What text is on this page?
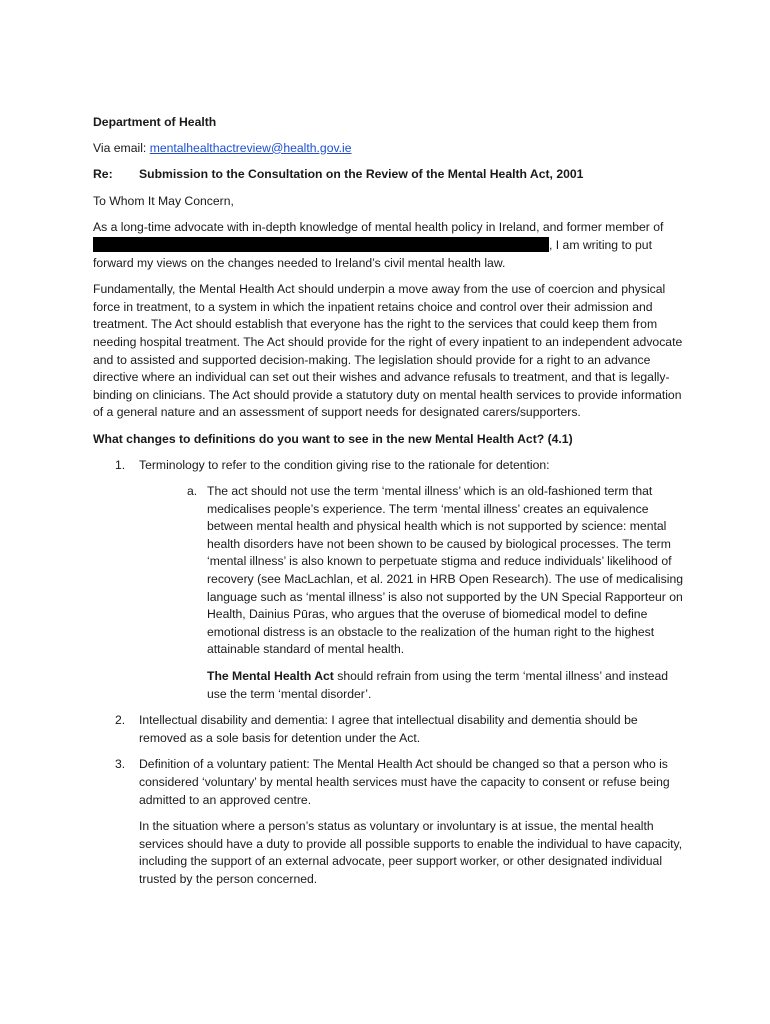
Department of Health

Via email: mentalhealthactreview@health.gov.ie

Re:	Submission to the Consultation on the Review of the Mental Health Act, 2001

To Whom It May Concern,

As a long-time advocate with in-depth knowledge of mental health policy in Ireland, and former member of , I am writing to put forward my views on the changes needed to Ireland’s civil mental health law.

Fundamentally, the Mental Health Act should underpin a move away from the use of coercion and physical force in treatment, to a system in which the inpatient retains choice and control over their admission and treatment. The Act should establish that everyone has the right to the services that could keep them from needing hospital treatment. The Act should provide for the right of every inpatient to an independent advocate and to assisted and supported decision-making. The legislation should provide for a right to an advance directive where an individual can set out their wishes and advance refusals to treatment, and that is legally-binding on clinicians. The Act should provide a statutory duty on mental health services to provide information of a general nature and an assessment of support needs for designated carers/supporters.

What changes to definitions do you want to see in the new Mental Health Act? (4.1)

1.	Terminology to refer to the condition giving rise to the rationale for detention:

a. The act should not use the term ‘mental illness’ which is an old-fashioned term that medicalises people’s experience. The term ‘mental illness’ creates an equivalence between mental health and physical health which is not supported by science: mental health disorders have not been shown to be caused by biological processes. The term ‘mental illness’ is also known to perpetuate stigma and reduce individuals’ likelihood of recovery (see MacLachlan, et al. 2021 in HRB Open Research). The use of medicalising language such as ‘mental illness’ is also not supported by the UN Special Rapporteur on Health, Dainius Pūras, who argues that the overuse of biomedical model to define emotional distress is an obstacle to the realization of the human right to the highest attainable standard of mental health.

The Mental Health Act should refrain from using the term ‘mental illness’ and instead use the term ‘mental disorder’.

2.	Intellectual disability and dementia: I agree that intellectual disability and dementia should be removed as a sole basis for detention under the Act.

3.	Definition of a voluntary patient: The Mental Health Act should be changed so that a person who is considered ‘voluntary’ by mental health services must have the capacity to consent or refuse being admitted to an approved centre.

In the situation where a person’s status as voluntary or involuntary is at issue, the mental health services should have a duty to provide all possible supports to enable the individual to have capacity, including the support of an external advocate, peer support worker, or other designated individual trusted by the person concerned.
